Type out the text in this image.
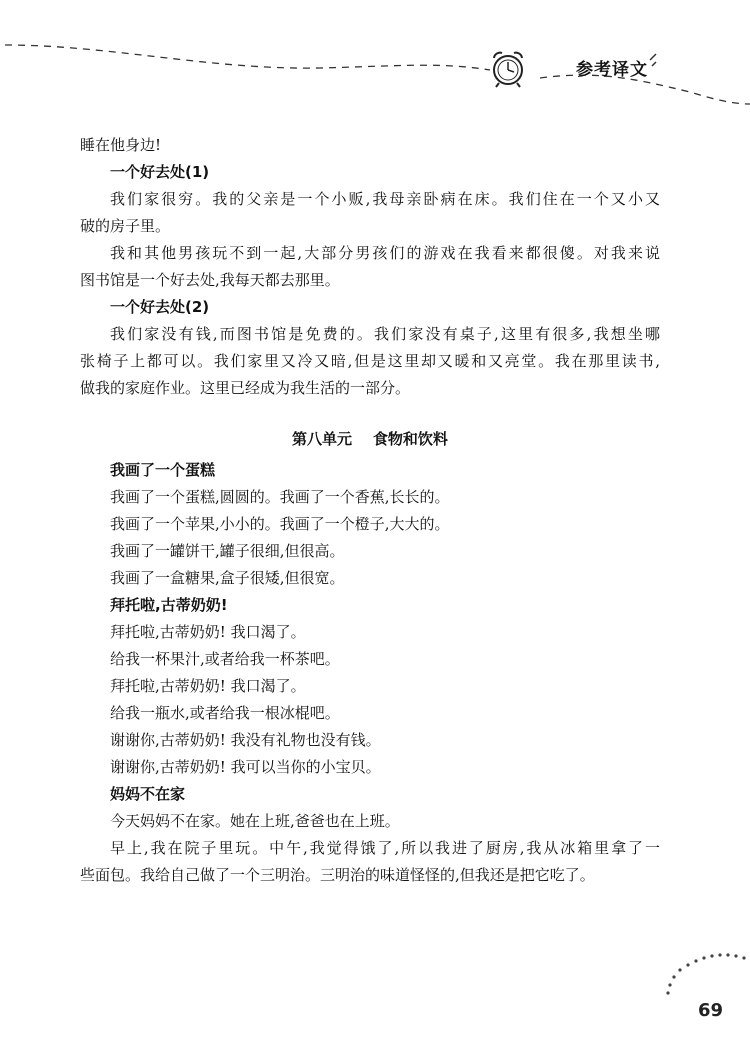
参考译文
睡在他身边!
一个好去处(1)
我们家很穷。我的父亲是一个小贩,我母亲卧病在床。我们住在一个又小又
破的房子里。
我和其他男孩玩不到一起,大部分男孩们的游戏在我看来都很傻。对我来说
图书馆是一个好去处,我每天都去那里。
一个好去处(2)
我们家没有钱,而图书馆是免费的。我们家没有桌子,这里有很多,我想坐哪
张椅子上都可以。我们家里又冷又暗,但是这里却又暖和又亮堂。我在那里读书,
做我的家庭作业。这里已经成为我生活的一部分。
第八单元    食物和饮料
我画了一个蛋糕
我画了一个蛋糕,圆圆的。我画了一个香蕉,长长的。
我画了一个苹果,小小的。我画了一个橙子,大大的。
我画了一罐饼干,罐子很细,但很高。
我画了一盒糖果,盒子很矮,但很宽。
拜托啦,古蒂奶奶!
拜托啦,古蒂奶奶! 我口渴了。
给我一杯果汁,或者给我一杯茶吧。
拜托啦,古蒂奶奶! 我口渴了。
给我一瓶水,或者给我一根冰棍吧。
谢谢你,古蒂奶奶! 我没有礼物也没有钱。
谢谢你,古蒂奶奶! 我可以当你的小宝贝。
妈妈不在家
今天妈妈不在家。她在上班,爸爸也在上班。
早上,我在院子里玩。中午,我觉得饿了,所以我进了厨房,我从冰箱里拿了一
些面包。我给自己做了一个三明治。三明治的味道怪怪的,但我还是把它吃了。
69
